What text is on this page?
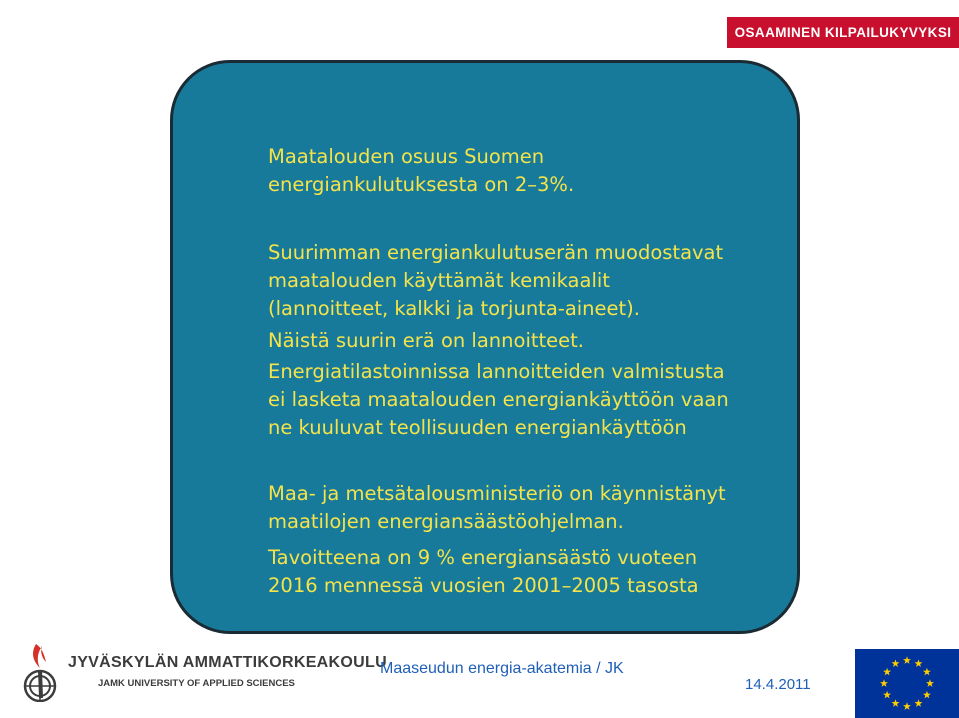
OSAAMINEN KILPAILUKYVYKSI

Maatalouden osuus Suomen
energiankulutuksesta on 2–3%.

Suurimman energiankulutuserän muodostavat
maatalouden käyttämät kemikaalit
(lannoitteet, kalkki ja torjunta-aineet).

Näistä suurin erä on lannoitteet.

Energiatilastoinnissa lannoitteiden valmistusta
ei lasketa maatalouden energiankäyttöön vaan
ne kuuluvat teollisuuden energiankäyttöön

Maa- ja metsätalousministeriö on käynnistänyt
maatilojen energiansäästöohjelman.

Tavoitteena on 9 % energiansäästö vuoteen
2016 mennessä vuosien 2001–2005 tasosta

JYVÄSKYLÄN AMMATTIKORKEAKOULU
JAMK UNIVERSITY OF APPLIED SCIENCES
Maaseudun energia-akatemia / JK
14.4.2011
